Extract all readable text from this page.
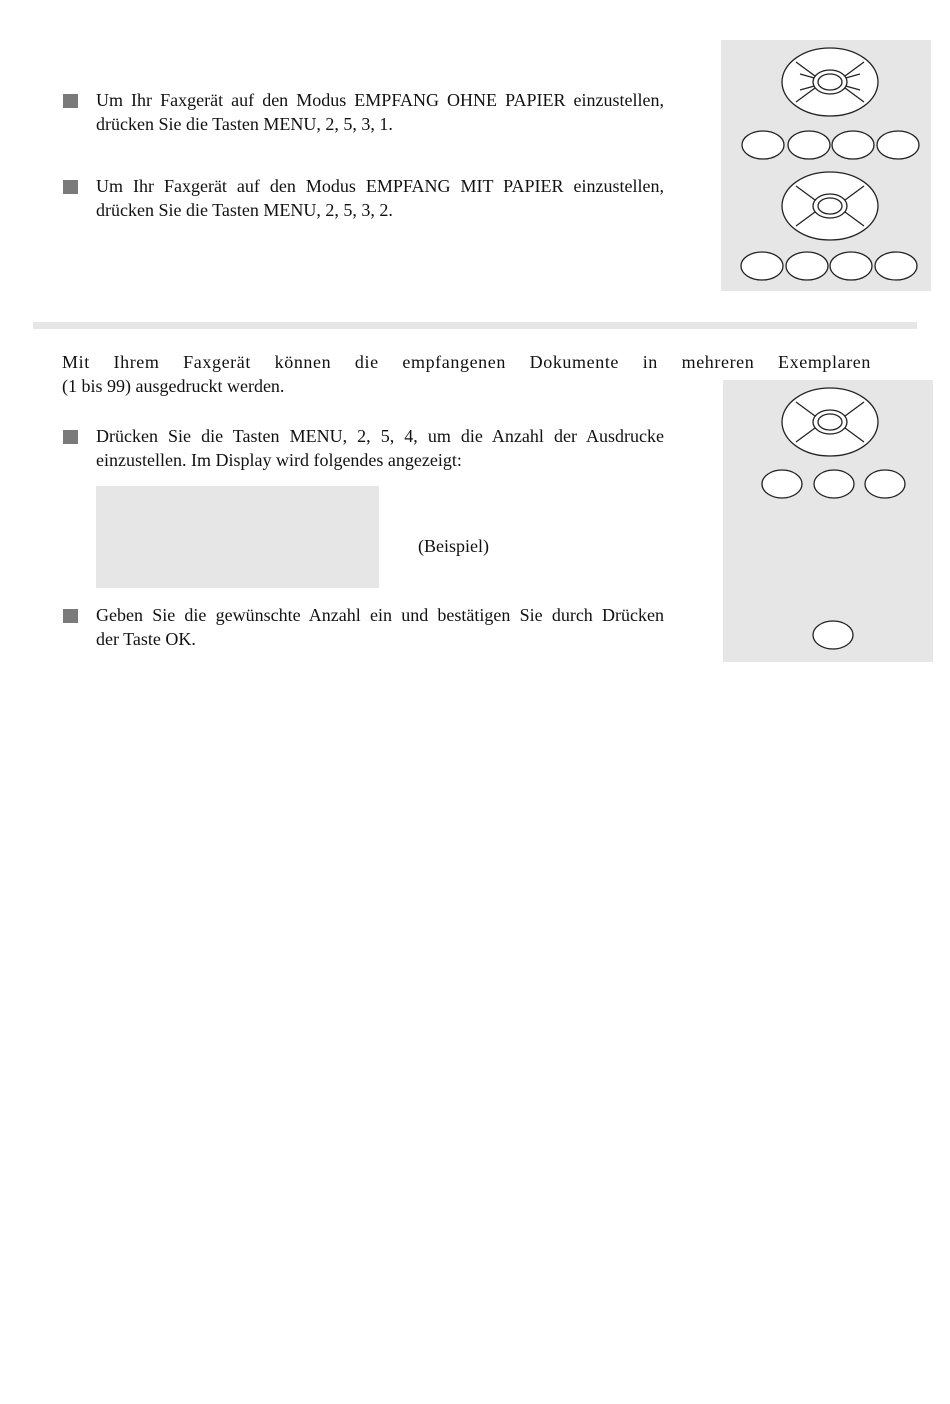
Um Ihr Faxgerät auf den Modus EMPFANG OHNE PAPIER einzustellen,
drücken Sie die Tasten MENU, 2, 5, 3, 1.

Um Ihr Faxgerät auf den Modus EMPFANG MIT PAPIER einzustellen,
drücken Sie die Tasten MENU, 2, 5, 3, 2.

Mit Ihrem Faxgerät können die empfangenen Dokumente in mehreren Exemplaren
(1 bis 99) ausgedruckt werden.

Drücken Sie die Tasten MENU, 2, 5, 4, um die Anzahl der Ausdrucke
einzustellen. Im Display wird folgendes angezeigt:

(Beispiel)

Geben Sie die gewünschte Anzahl ein und bestätigen Sie durch Drücken
der Taste OK.
